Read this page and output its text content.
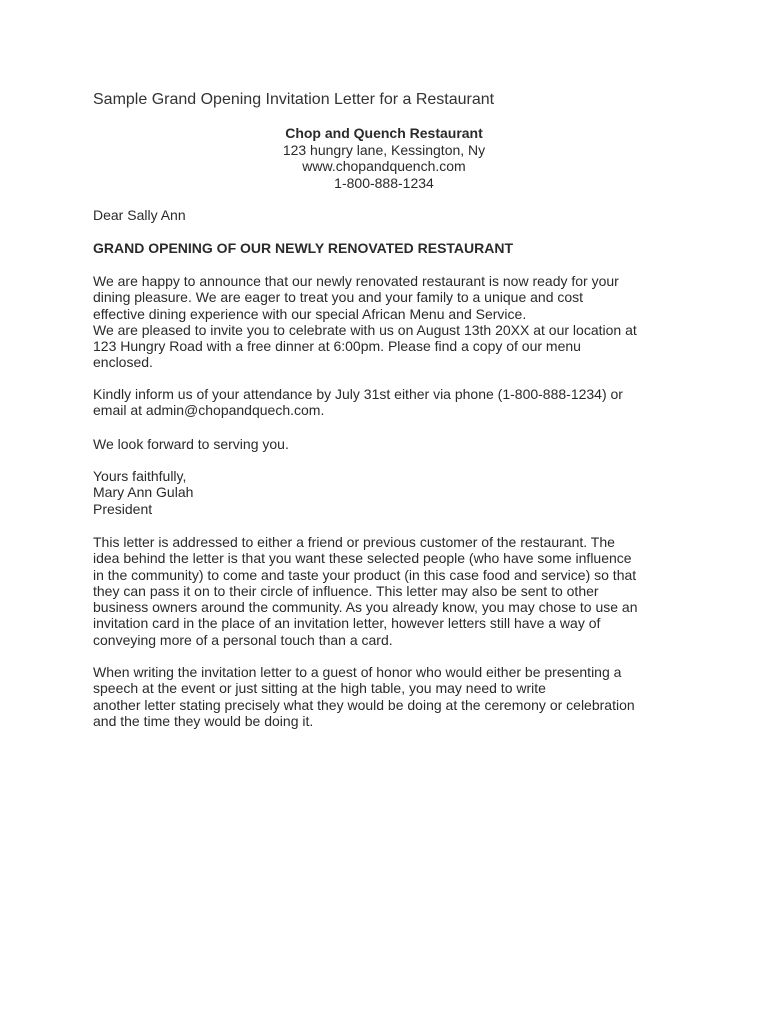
Sample Grand Opening Invitation Letter for a Restaurant
Chop and Quench Restaurant
123 hungry lane, Kessington, Ny
www.chopandquench.com
1-800-888-1234
Dear Sally Ann
GRAND OPENING OF OUR NEWLY RENOVATED RESTAURANT
We are happy to announce that our newly renovated restaurant is now ready for your
dining pleasure. We are eager to treat you and your family to a unique and cost
effective dining experience with our special African Menu and Service.
We are pleased to invite you to celebrate with us on August 13th 20XX at our location at
123 Hungry Road with a free dinner at 6:00pm. Please find a copy of our menu
enclosed.
Kindly inform us of your attendance by July 31st either via phone (1-800-888-1234) or
email at admin@chopandquech.com.
We look forward to serving you.
Yours faithfully,
Mary Ann Gulah
President
This letter is addressed to either a friend or previous customer of the restaurant. The
idea behind the letter is that you want these selected people (who have some influence
in the community) to come and taste your product (in this case food and service) so that
they can pass it on to their circle of influence. This letter may also be sent to other
business owners around the community. As you already know, you may chose to use an
invitation card in the place of an invitation letter, however letters still have a way of
conveying more of a personal touch than a card.
When writing the invitation letter to a guest of honor who would either be presenting a
speech at the event or just sitting at the high table, you may need to write
another letter stating precisely what they would be doing at the ceremony or celebration
and the time they would be doing it.
